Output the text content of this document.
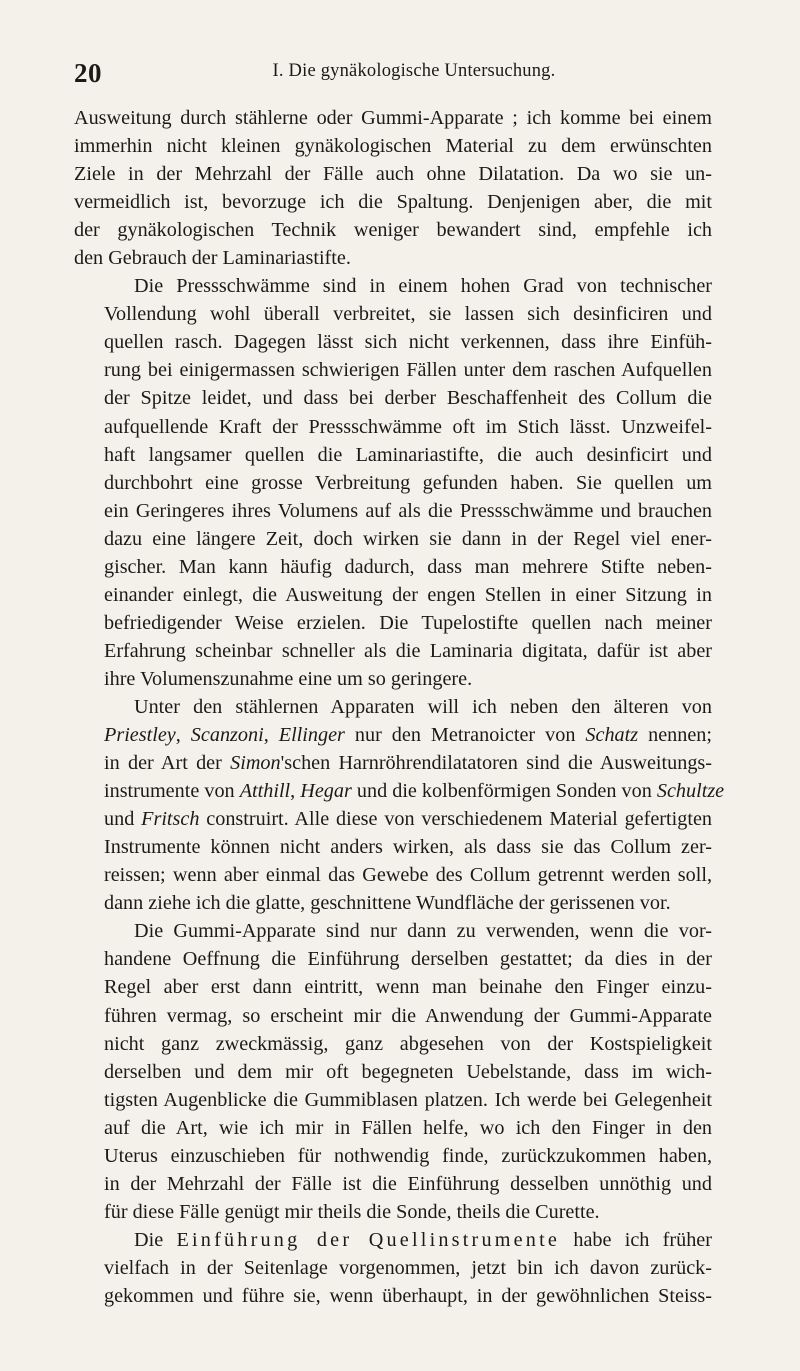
20	I. Die gynäkologische Untersuchung.

Ausweitung durch stählerne oder Gummi-Apparate ; ich komme bei einem
immerhin nicht kleinen gynäkologischen Material zu dem erwünschten
Ziele in der Mehrzahl der Fälle auch ohne Dilatation. Da wo sie un-
vermeidlich ist, bevorzuge ich die Spaltung. Denjenigen aber, die mit
der gynäkologischen Technik weniger bewandert sind, empfehle ich
den Gebrauch der Laminariastifte.

Die Pressschwämme sind in einem hohen Grad von technischer
Vollendung wohl überall verbreitet, sie lassen sich desinficiren und
quellen rasch. Dagegen lässt sich nicht verkennen, dass ihre Einfüh-
rung bei einigermassen schwierigen Fällen unter dem raschen Aufquellen
der Spitze leidet, und dass bei derber Beschaffenheit des Collum die
aufquellende Kraft der Pressschwämme oft im Stich lässt. Unzweifel-
haft langsamer quellen die Laminariastifte, die auch desinficirt und
durchbohrt eine grosse Verbreitung gefunden haben. Sie quellen um
ein Geringeres ihres Volumens auf als die Pressschwämme und brauchen
dazu eine längere Zeit, doch wirken sie dann in der Regel viel ener-
gischer. Man kann häufig dadurch, dass man mehrere Stifte neben-
einander einlegt, die Ausweitung der engen Stellen in einer Sitzung in
befriedigender Weise erzielen. Die Tupelostifte quellen nach meiner
Erfahrung scheinbar schneller als die Laminaria digitata, dafür ist aber
ihre Volumenszunahme eine um so geringere.

Unter den stählernen Apparaten will ich neben den älteren von
Priestley, Scanzoni, Ellinger nur den Metranoicter von Schatz nennen;
in der Art der Simon'schen Harnröhrendilatatoren sind die Ausweitungs-
instrumente von Atthill, Hegar und die kolbenförmigen Sonden von Schultze
und Fritsch construirt. Alle diese von verschiedenem Material gefertigten
Instrumente können nicht anders wirken, als dass sie das Collum zer-
reissen; wenn aber einmal das Gewebe des Collum getrennt werden soll,
dann ziehe ich die glatte, geschnittene Wundfläche der gerissenen vor.

Die Gummi-Apparate sind nur dann zu verwenden, wenn die vor-
handene Oeffnung die Einführung derselben gestattet; da dies in der
Regel aber erst dann eintritt, wenn man beinahe den Finger einzu-
führen vermag, so erscheint mir die Anwendung der Gummi-Apparate
nicht ganz zweckmässig, ganz abgesehen von der Kostspieligkeit
derselben und dem mir oft begegneten Uebelstande, dass im wich-
tigsten Augenblicke die Gummiblasen platzen. Ich werde bei Gelegenheit
auf die Art, wie ich mir in Fällen helfe, wo ich den Finger in den
Uterus einzuschieben für nothwendig finde, zurückzukommen haben,
in der Mehrzahl der Fälle ist die Einführung desselben unnöthig und
für diese Fälle genügt mir theils die Sonde, theils die Curette.

Die Einführung der Quellinstrumente habe ich früher
vielfach in der Seitenlage vorgenommen, jetzt bin ich davon zurück-
gekommen und führe sie, wenn überhaupt, in der gewöhnlichen Steiss-
